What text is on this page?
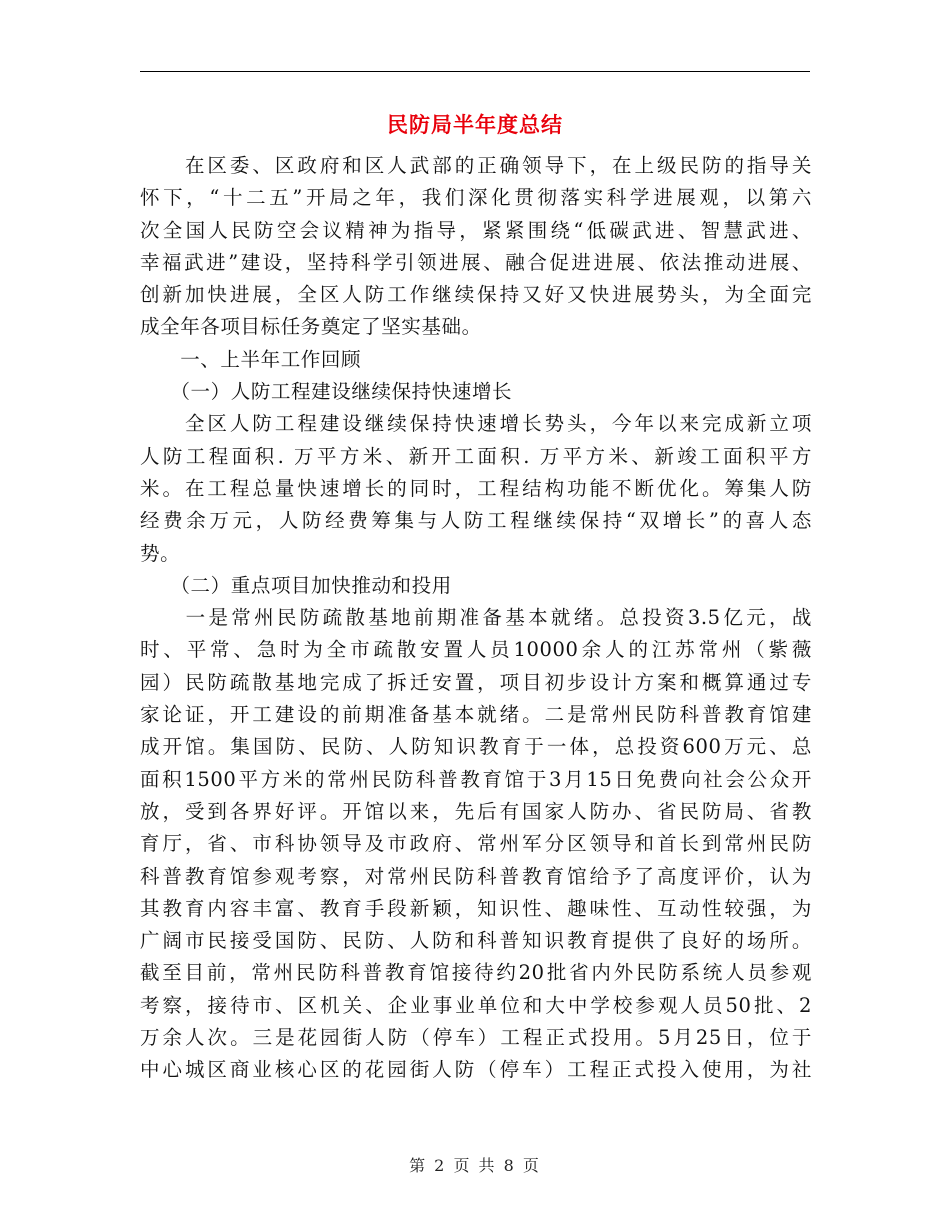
民防局半年度总结
　　在区委、区政府和区人武部的正确领导下，在上级民防的指导关
怀下，“十二五”开局之年，我们深化贯彻落实科学进展观，以第六
次全国人民防空会议精神为指导，紧紧围绕“低碳武进、智慧武进、
幸福武进”建设，坚持科学引领进展、融合促进进展、依法推动进展、
创新加快进展，全区人防工作继续保持又好又快进展势头，为全面完
成全年各项目标任务奠定了坚实基础。
　　一、上半年工作回顾
　　（一）人防工程建设继续保持快速增长
　　全区人防工程建设继续保持快速增长势头，今年以来完成新立项
人防工程面积. 万平方米、新开工面积. 万平方米、新竣工面积平方
米。在工程总量快速增长的同时，工程结构功能不断优化。筹集人防
经费余万元，人防经费筹集与人防工程继续保持“双增长”的喜人态
势。
　　（二）重点项目加快推动和投用
　　一是常州民防疏散基地前期准备基本就绪。总投资3.5亿元，战
时、平常、急时为全市疏散安置人员10000余人的江苏常州（紫薇
园）民防疏散基地完成了拆迁安置，项目初步设计方案和概算通过专
家论证，开工建设的前期准备基本就绪。二是常州民防科普教育馆建
成开馆。集国防、民防、人防知识教育于一体，总投资600万元、总
面积1500平方米的常州民防科普教育馆于3月15日免费向社会公众开
放，受到各界好评。开馆以来，先后有国家人防办、省民防局、省教
育厅，省、市科协领导及市政府、常州军分区领导和首长到常州民防
科普教育馆参观考察，对常州民防科普教育馆给予了高度评价，认为
其教育内容丰富、教育手段新颖，知识性、趣味性、互动性较强，为
广阔市民接受国防、民防、人防和科普知识教育提供了良好的场所。
截至目前，常州民防科普教育馆接待约20批省内外民防系统人员参观
考察，接待市、区机关、企业事业单位和大中学校参观人员50批、2
万余人次。三是花园街人防（停车）工程正式投用。5月25日，位于
中心城区商业核心区的花园街人防（停车）工程正式投入使用，为社
第 2 页 共 8 页
